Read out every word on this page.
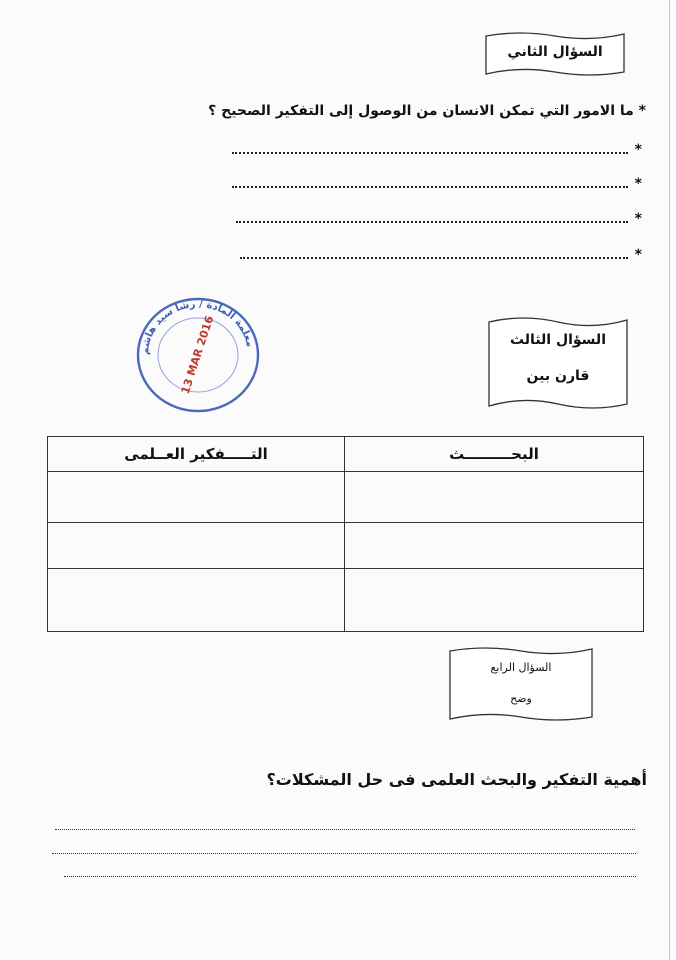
السؤال الثاني
* ما الامور التي تمكن الانسان من الوصول إلى التفكير الصحيح ؟
*
*
*
*
معلمة المادة / رشا سيد هاشم
13 MAR 2016	السؤال الثالث
قارن بين
البحـــــــــث	التـــــفكير العــلمى

السؤال الرابع
وضح
أهمية التفكير والبحث العلمى فى حل المشكلات؟
